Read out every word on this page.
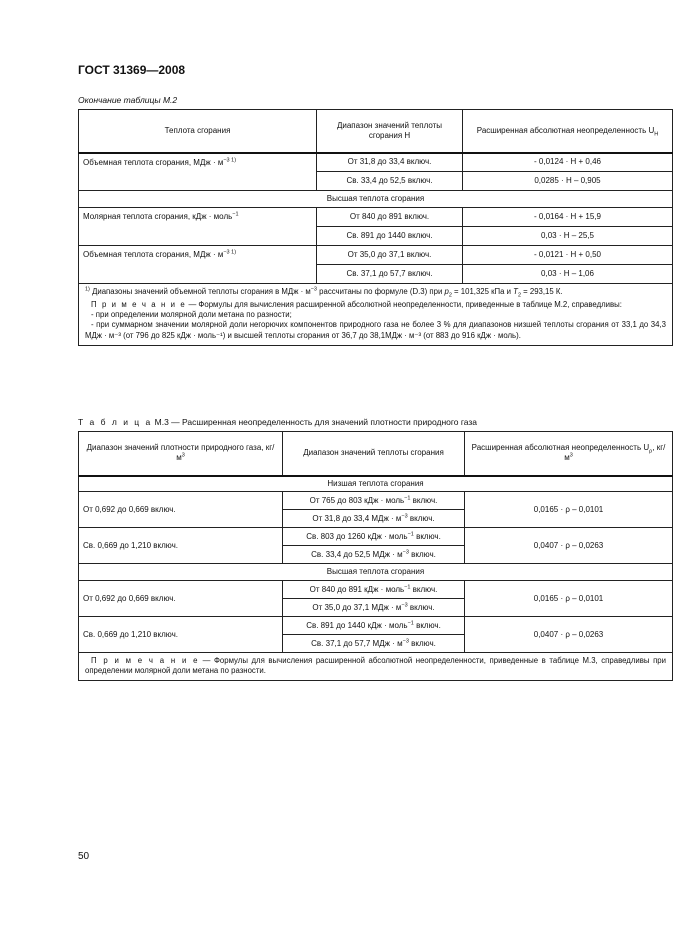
ГОСТ 31369—2008
Окончание таблицы М.2
Теплота сгорания	Диапазон значений теплоты сгорания H	Расширенная абсолютная неопределенность $U_H$
Объемная теплота сгорания, МДж · $м^{-3 1)}$	От 31,8 до 33,4 включ.	- 0,0124 · H + 0,46
	Св. 33,4 до 52,5 включ.	0,0285 · H – 0,905
Высшая теплота сгорания		
Молярная теплота сгорания, кДж · моль$^{-1}$	От 840 до 891 включ.	- 0,0164 · H + 15,9
	Св. 891 до 1440 включ.	0,03 · H – 25,5
Объемная теплота сгорания, МДж · $м^{-3 1)}$	От 35,0 до 37,1 включ.	- 0,0121 · H + 0,50
	Св. 37,1 до 57,7 включ.	0,03 · H – 1,06

$^{1)}$ Диапазоны значений объемной теплоты сгорания в МДж · $м^{-3}$ рассчитаны по формуле (D.3) при $p_2 = 101,325$ кПа и $T_2 = 293,15$ К.

П р и м е ч а н и е — Формулы для вычисления расширенной абсолютной неопределенности, приведенные в таблице М.2, справедливы:

- при определении молярной доли метана по разности;

- при суммарном значении молярной доли негорючих компонентов природного газа не более 3 % для диапазонов низшей теплоты сгорания от 33,1 до 34,3 МДж · м⁻³ (от 796 до 825 кДж · моль⁻¹) и высшей теплоты сгорания от 36,7 до 38,1МДж · м⁻³ (от 883 до 916 кДж · моль).		

Т а б л и ц а М.3 — Расширенная неопределенность для значений плотности природного газа
Диапазон значений плотности природного газа, $кг/м^3$	Диапазон значений теплоты сгорания	Расширенная абсолютная неопределенность $U_\rho$, $кг/м^3$
Низшая теплота сгорания		
От 0,692 до 0,669 включ.	От 765 до 803 кДж · моль$^{-1}$ включ.	0,0165 · ρ – 0,0101
	От 31,8 до 33,4 МДж · $м^{-3}$ включ.	
Св. 0,669 до 1,210 включ.	Св. 803 до 1260 кДж · моль$^{-1}$ включ.	0,0407 · ρ – 0,0263
	Св. 33,4 до 52,5 МДж · $м^{-3}$ включ.	
Высшая теплота сгорания		
От 0,692 до 0,669 включ.	От 840 до 891 кДж · моль$^{-1}$ включ.	0,0165 · ρ – 0,0101
	От 35,0 до 37,1 МДж · $м^{-3}$ включ.	
Св. 0,669 до 1,210 включ.	Св. 891 до 1440 кДж · моль$^{-1}$ включ.	0,0407 · ρ – 0,0263
	Св. 37,1 до 57,7 МДж · $м^{-3}$ включ.	

П р и м е ч а н и е — Формулы для вычисления расширенной абсолютной неопределенности, приведенные в таблице М.3, справедливы при определении молярной доли метана по разности.		

50
